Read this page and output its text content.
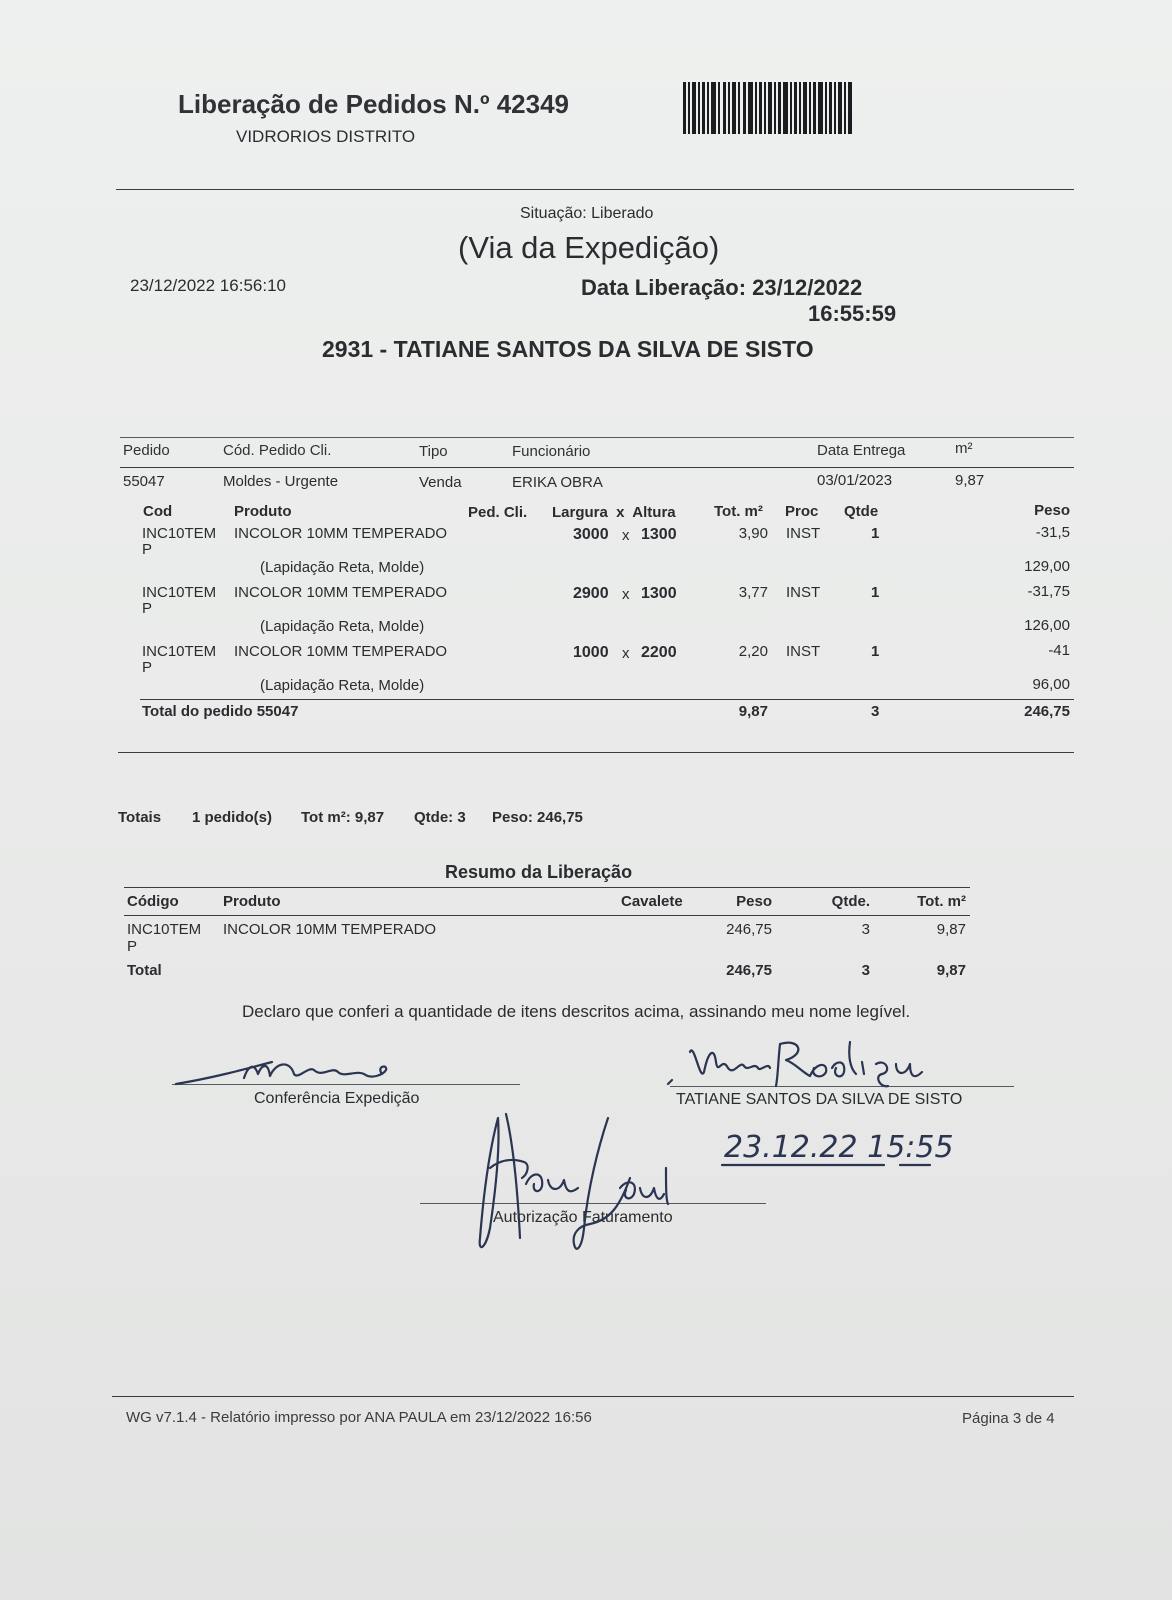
Liberação de Pedidos N.º 42349
VIDRORIOS DISTRITO
Situação: Liberado
(Via da Expedição)
23/12/2022 16:56:10	Data Liberação: 23/12/2022
16:55:59
2931 - TATIANE SANTOS DA SILVA DE SISTO
Pedido	Cód. Pedido Cli.	Tipo	Funcionário	Data Entrega	m²
55047	Moldes - Urgente	Venda	ERIKA OBRA	03/01/2023	9,87
Cod	Produto	Ped. Cli. Largura  x  Altura	Tot. m² Proc Qtde	Peso
INC10TEM
P
INCOLOR 10MM TEMPERADO	3000 x 1300	3,90 INST	1	-31,5
(Lapidação Reta, Molde)	129,00
INC10TEM
P
INCOLOR 10MM TEMPERADO	2900 x 1300	3,77 INST	1	-31,75
(Lapidação Reta, Molde)	126,00
INC10TEM
P
INCOLOR 10MM TEMPERADO	1000 x 2200	2,20 INST	1	-41
(Lapidação Reta, Molde)	96,00
Total do pedido 55047	9,87	3	246,75
Totais 1 pedido(s) Tot m²: 9,87 Qtde: 3 Peso: 246,75
Resumo da Liberação
Código	Produto	Cavalete	Peso	Qtde.	Tot. m²
INC10TEM
P
INCOLOR 10MM TEMPERADO	246,75	3	9,87
Total	246,75	3	9,87
Declaro que conferi a quantidade de itens descritos acima, assinando meu nome legível.
Conferência Expedição	TATIANE SANTOS DA SILVA DE SISTO
Autorização Faturamento
23.12.22 15:55
WG v7.1.4 - Relatório impresso por ANA PAULA em 23/12/2022 16:56	Página 3 de 4
